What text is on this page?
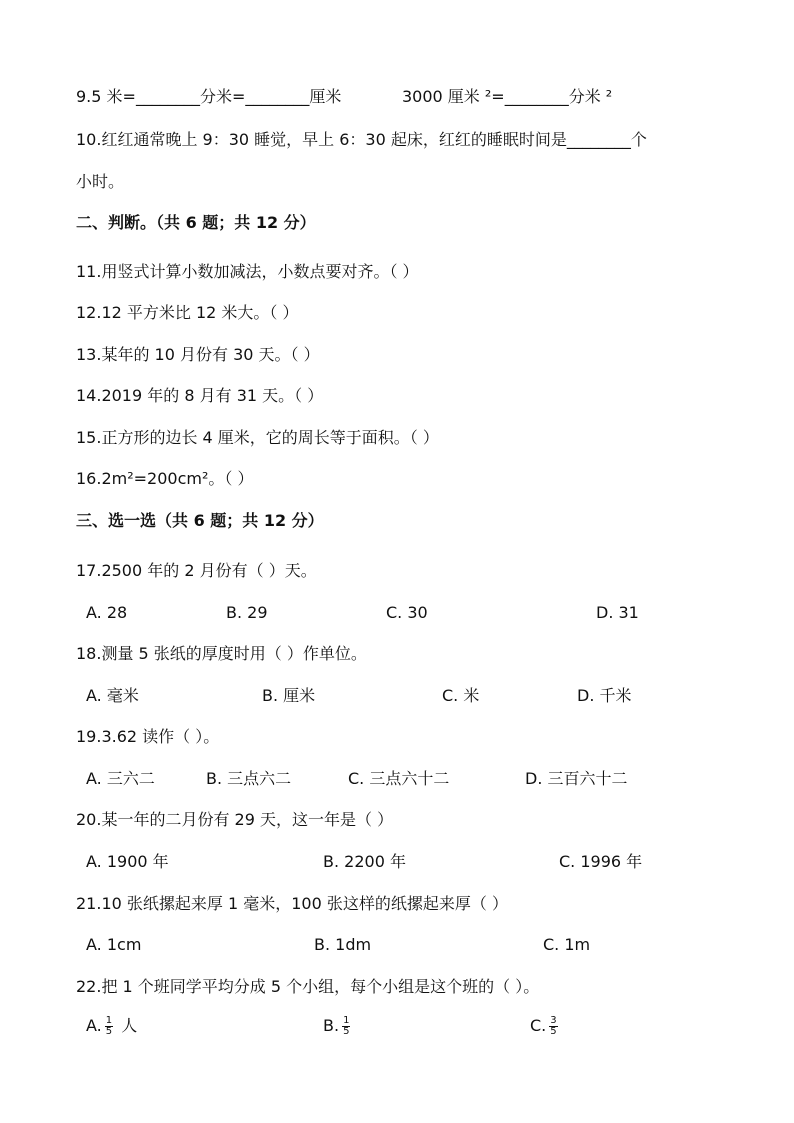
9.5 米=________分米=________厘米	3000 厘米 ²=________分米 ²
10.红红通常晚上 9：30 睡觉，早上 6：30 起床，红红的睡眠时间是________个
小时。
二、判断。（共 6 题；共 12 分）
11.用竖式计算小数加减法，小数点要对齐。（ ）
12.12 平方米比 12 米大。（ ）
13.某年的 10 月份有 30 天。（ ）
14.2019 年的 8 月有 31 天。（ ）
15.正方形的边长 4 厘米，它的周长等于面积。（ ）
16.2m²=200cm²。（ ）
三、选一选（共 6 题；共 12 分）
17.2500 年的 2 月份有（ ）天。
A. 28	B. 29	C. 30	D. 31
18.测量 5 张纸的厚度时用（ ）作单位。
A. 毫米	B. 厘米	C. 米	D. 千米
19.3.62 读作（ ）。
A. 三六二	B. 三点六二	C. 三点六十二	D. 三百六十二
20.某一年的二月份有 29 天，这一年是（ ）
A. 1900 年	B. 2200 年	C. 1996 年
21.10 张纸摞起来厚 1 毫米，100 张这样的纸摞起来厚（ ）
A. 1cm	B. 1dm	C. 1m
22.把 1 个班同学平均分成 5 个小组，每个小组是这个班的（ ）。
A. $\frac{1}{5}$ 人	B. $\frac{1}{5}$	C. $\frac{3}{5}$
